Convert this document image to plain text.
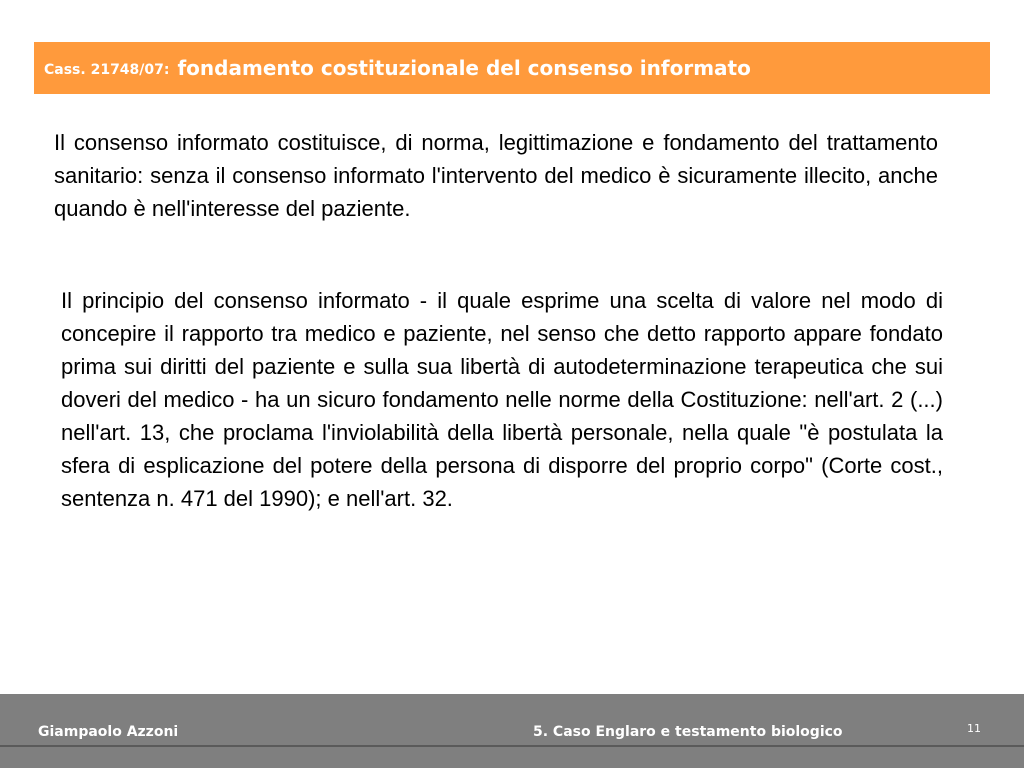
Cass. 21748/07: fondamento costituzionale del consenso informato

Il consenso informato costituisce, di norma, legittimazione e fondamento del trattamento sanitario: senza il consenso informato l'intervento del medico è sicuramente illecito, anche quando è nell'interesse del paziente.

Il principio del consenso informato - il quale esprime una scelta di valore nel modo di concepire il rapporto tra medico e paziente, nel senso che detto rapporto appare fondato prima sui diritti del paziente e sulla sua libertà di autodeterminazione terapeutica che sui doveri del medico - ha un sicuro fondamento nelle norme della Costituzione: nell'art. 2 (...) nell'art. 13, che proclama l'inviolabilità della libertà personale, nella quale "è postulata la sfera di esplicazione del potere della persona di disporre del proprio corpo" (Corte cost., sentenza n. 471 del 1990); e nell'art. 32.

Giampaolo Azzoni	5. Caso Englaro e testamento biologico	11
